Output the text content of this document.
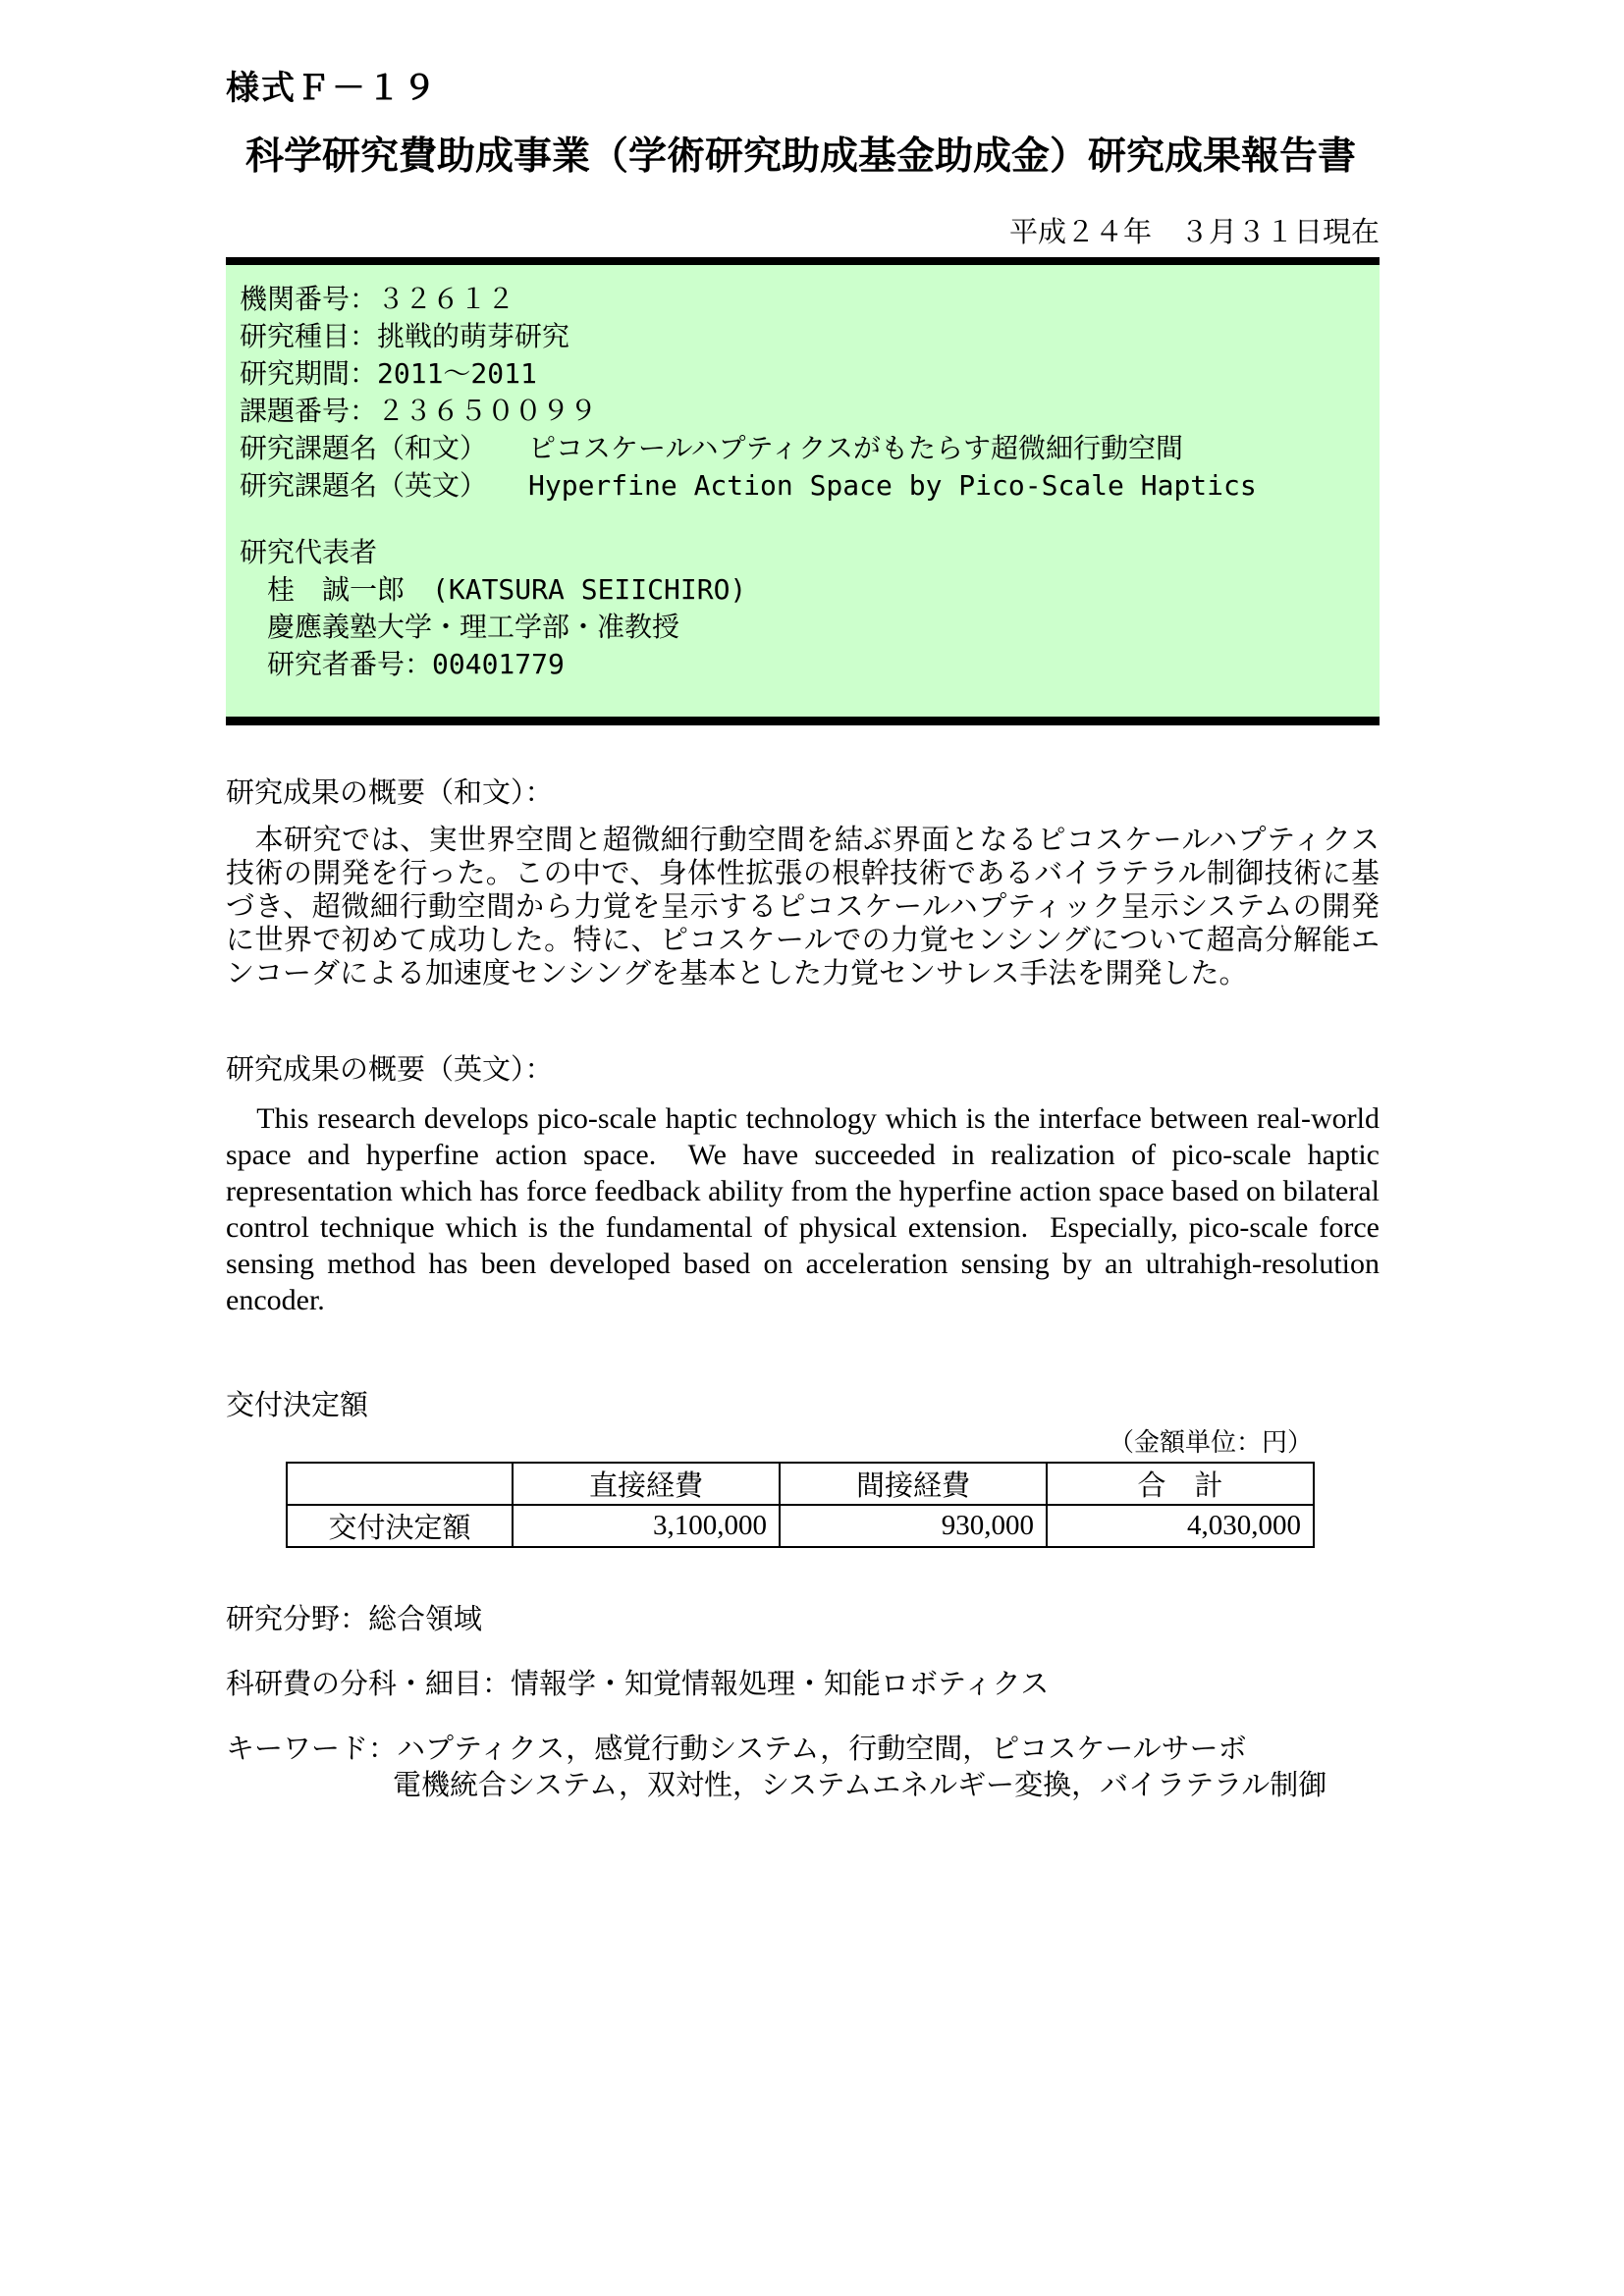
様式Ｆ－１９
科学研究費助成事業（学術研究助成基金助成金）研究成果報告書
平成２４年　３月３１日現在
機関番号：３２６１２
研究種目：挑戦的萌芽研究
研究期間：2011～2011
課題番号：２３６５００９９
研究課題名（和文）　　ピコスケールハプティクスがもたらす超微細行動空間
研究課題名（英文）　　Hyperfine Action Space by Pico-Scale Haptics
研究代表者
　桂　誠一郎　(KATSURA SEIICHIRO)
　慶應義塾大学・理工学部・准教授
　研究者番号：00401779
研究成果の概要（和文）：
　本研究では、実世界空間と超微細行動空間を結ぶ界面となるピコスケールハプティクス技術の開発を行った。この中で、身体性拡張の根幹技術であるバイラテラル制御技術に基づき、超微細行動空間から力覚を呈示するピコスケールハプティック呈示システムの開発に世界で初めて成功した。特に、ピコスケールでの力覚センシングについて超高分解能エンコーダによる加速度センシングを基本とした力覚センサレス手法を開発した。
研究成果の概要（英文）：
　This research develops pico-scale haptic technology which is the interface between real-world space and hyperfine action space.  We have succeeded in realization of pico-scale haptic representation which has force feedback ability from the hyperfine action space based on bilateral control technique which is the fundamental of physical extension.  Especially, pico-scale force sensing method has been developed based on acceleration sensing by an ultrahigh-resolution encoder.
交付決定額
（金額単位：円）
	直接経費	間接経費	合　計
交付決定額	3,100,000	930,000	4,030,000
研究分野：総合領域
科研費の分科・細目：情報学・知覚情報処理・知能ロボティクス
キーワード：ハプティクス，感覚行動システム，行動空間，ピコスケールサーボ
電機統合システム，双対性，システムエネルギー変換，バイラテラル制御
